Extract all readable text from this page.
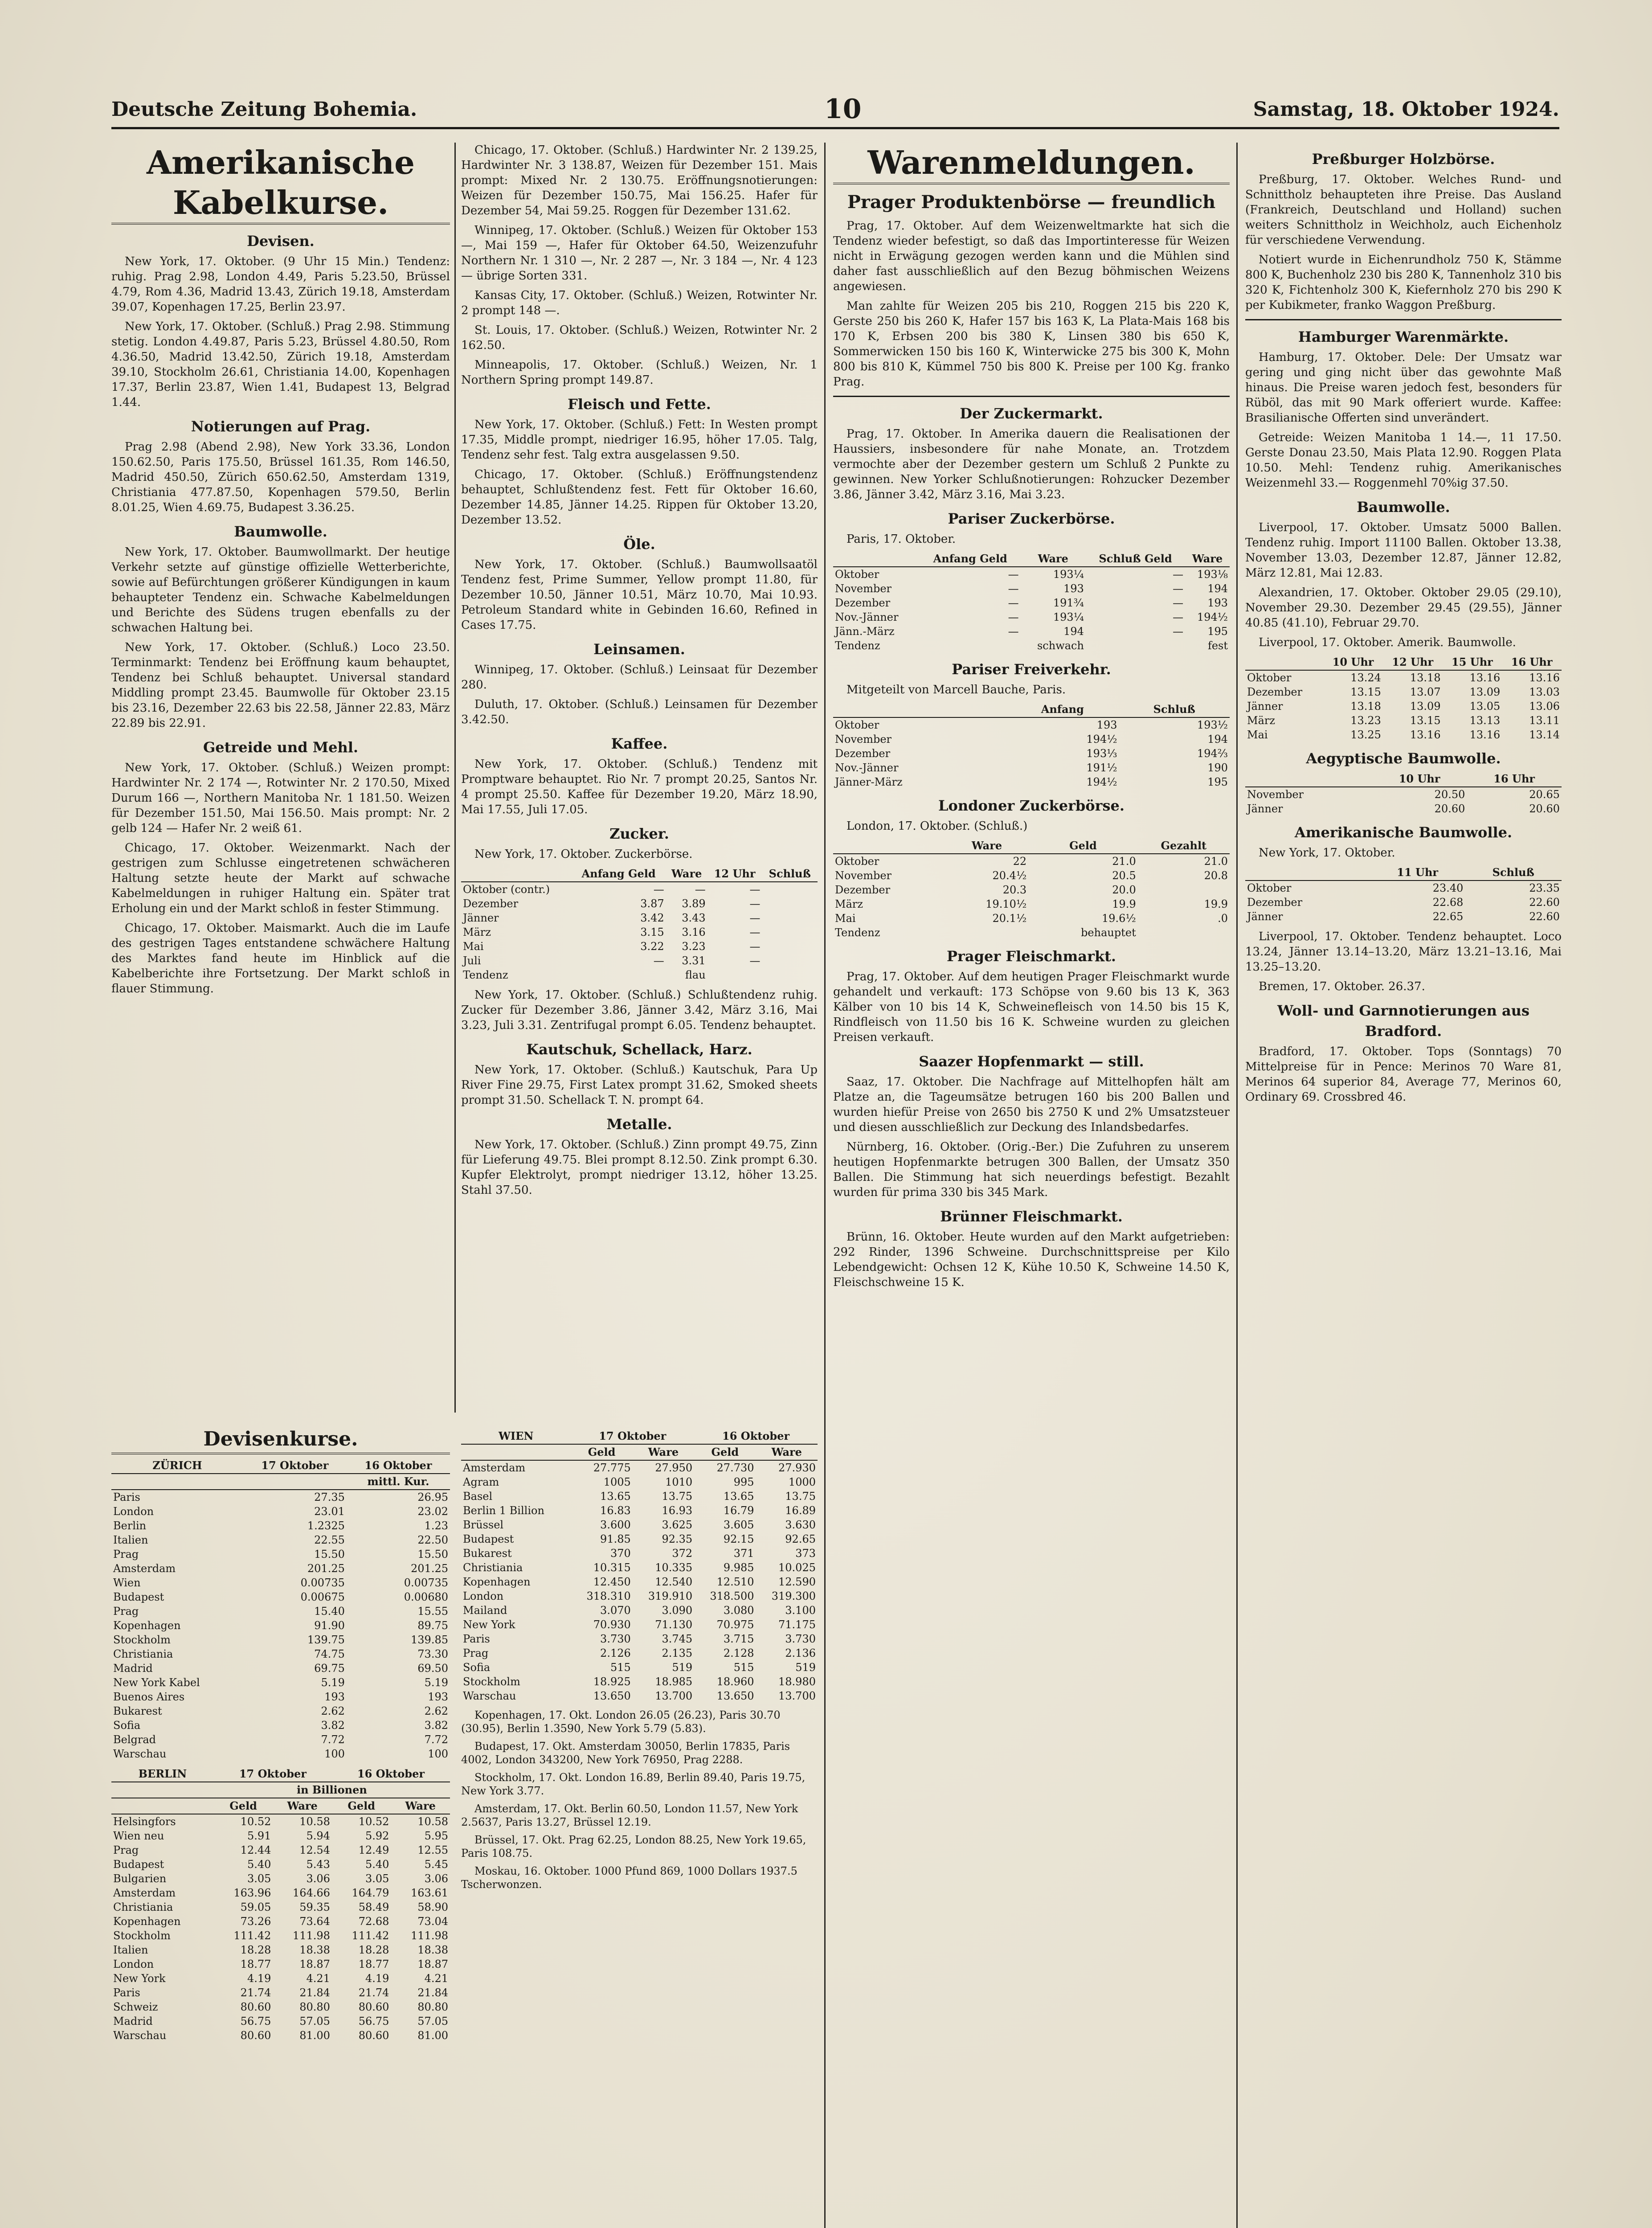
Deutsche Zeitung Bohemia.	10	Samstag, 18. Oktober 1924.
Amerikanische Kabelkurse.
Devisen.

New York, 17. Oktober. (9 Uhr 15 Min.) Tendenz: ruhig. Prag 2.98, London 4.49, Paris 5.23.50, Brüssel 4.79, Rom 4.36, Madrid 13.43, Zürich 19.18, Amsterdam 39.07, Kopenhagen 17.25, Berlin 23.97.

New York, 17. Oktober. (Schluß.) Prag 2.98. Stimmung stetig. London 4.49.87, Paris 5.23, Brüssel 4.80.50, Rom 4.36.50, Madrid 13.42.50, Zürich 19.18, Amsterdam 39.10, Stockholm 26.61, Christiania 14.00, Kopenhagen 17.37, Berlin 23.87, Wien 1.41, Budapest 13, Belgrad 1.44.

Notierungen auf Prag.

Prag 2.98 (Abend 2.98), New York 33.36, London 150.62.50, Paris 175.50, Brüssel 161.35, Rom 146.50, Madrid 450.50, Zürich 650.62.50, Amsterdam 1319, Christiania 477.87.50, Kopenhagen 579.50, Berlin 8.01.25, Wien 4.69.75, Budapest 3.36.25.

Baumwolle.

New York, 17. Oktober. Baumwollmarkt. Der heutige Verkehr setzte auf günstige offizielle Wetterberichte, sowie auf Befürchtungen größerer Kündigungen in kaum behaupteter Tendenz ein. Schwache Kabelmeldungen und Berichte des Südens trugen ebenfalls zu der schwachen Haltung bei.

New York, 17. Oktober. (Schluß.) Loco 23.50. Terminmarkt: Tendenz bei Eröffnung kaum behauptet, Tendenz bei Schluß behauptet. Universal standard Middling prompt 23.45. Baumwolle für Oktober 23.15 bis 23.16, Dezember 22.63 bis 22.58, Jänner 22.83, März 22.89 bis 22.91.

Getreide und Mehl.

New York, 17. Oktober. (Schluß.) Weizen prompt: Hardwinter Nr. 2 174 —, Rotwinter Nr. 2 170.50, Mixed Durum 166 —, Northern Manitoba Nr. 1 181.50. Weizen für Dezember 151.50, Mai 156.50. Mais prompt: Nr. 2 gelb 124 — Hafer Nr. 2 weiß 61.

Chicago, 17. Oktober. Weizenmarkt. Nach der gestrigen zum Schlusse eingetretenen schwächeren Haltung setzte heute der Markt auf schwache Kabelmeldungen in ruhiger Haltung ein. Später trat Erholung ein und der Markt schloß in fester Stimmung.

Chicago, 17. Oktober. Maismarkt. Auch die im Laufe des gestrigen Tages entstandene schwächere Haltung des Marktes fand heute im Hinblick auf die Kabelberichte ihre Fortsetzung. Der Markt schloß in flauer Stimmung.

Chicago, 17. Oktober. (Schluß.) Hardwinter Nr. 2 139.25, Hardwinter Nr. 3 138.87, Weizen für Dezember 151. Mais prompt: Mixed Nr. 2 130.75. Eröffnungsnotierungen: Weizen für Dezember 150.75, Mai 156.25. Hafer für Dezember 54, Mai 59.25. Roggen für Dezember 131.62.

Winnipeg, 17. Oktober. (Schluß.) Weizen für Oktober 153 —, Mai 159 —, Hafer für Oktober 64.50, Weizenzufuhr Northern Nr. 1 310 —, Nr. 2 287 —, Nr. 3 184 —, Nr. 4 123 — übrige Sorten 331.

Kansas City, 17. Oktober. (Schluß.) Weizen, Rotwinter Nr. 2 prompt 148 —.

St. Louis, 17. Oktober. (Schluß.) Weizen, Rotwinter Nr. 2 162.50.

Minneapolis, 17. Oktober. (Schluß.) Weizen, Nr. 1 Northern Spring prompt 149.87.

Fleisch und Fette.

New York, 17. Oktober. (Schluß.) Fett: In Westen prompt 17.35, Middle prompt, niedriger 16.95, höher 17.05. Talg, Tendenz sehr fest. Talg extra ausgelassen 9.50.

Chicago, 17. Oktober. (Schluß.) Eröffnungstendenz behauptet, Schlußtendenz fest. Fett für Oktober 16.60, Dezember 14.85, Jänner 14.25. Rippen für Oktober 13.20, Dezember 13.52.

Öle.

New York, 17. Oktober. (Schluß.) Baumwollsaatöl Tendenz fest, Prime Summer, Yellow prompt 11.80, für Dezember 10.50, Jänner 10.51, März 10.70, Mai 10.93. Petroleum Standard white in Gebinden 16.60, Refined in Cases 17.75.

Leinsamen.

Winnipeg, 17. Oktober. (Schluß.) Leinsaat für Dezember 280.

Duluth, 17. Oktober. (Schluß.) Leinsamen für Dezember 3.42.50.

Kaffee.

New York, 17. Oktober. (Schluß.) Tendenz mit Promptware behauptet. Rio Nr. 7 prompt 20.25, Santos Nr. 4 prompt 25.50. Kaffee für Dezember 19.20, März 18.90, Mai 17.55, Juli 17.05.

Zucker.

New York, 17. Oktober. Zuckerbörse.

	Anfang Geld	Ware	12 Uhr	Schluß
Oktober (contr.)	—	—	—	
Dezember	3.87	3.89	—	
Jänner	3.42	3.43	—	
März	3.15	3.16	—	
Mai	3.22	3.23	—	
Juli	—	3.31	—	
Tendenz		flau		

New York, 17. Oktober. (Schluß.) Schlußtendenz ruhig. Zucker für Dezember 3.86, Jänner 3.42, März 3.16, Mai 3.23, Juli 3.31. Zentrifugal prompt 6.05. Tendenz behauptet.

Kautschuk, Schellack, Harz.

New York, 17. Oktober. (Schluß.) Kautschuk, Para Up River Fine 29.75, First Latex prompt 31.62, Smoked sheets prompt 31.50. Schellack T. N. prompt 64.

Metalle.

New York, 17. Oktober. (Schluß.) Zinn prompt 49.75, Zinn für Lieferung 49.75. Blei prompt 8.12.50. Zink prompt 6.30. Kupfer Elektrolyt, prompt niedriger 13.12, höher 13.25. Stahl 37.50.

Warenmeldungen.
Prager Produktenbörse — freundlich

Prag, 17. Oktober. Auf dem Weizenweltmarkte hat sich die Tendenz wieder befestigt, so daß das Importinteresse für Weizen nicht in Erwägung gezogen werden kann und die Mühlen sind daher fast ausschließlich auf den Bezug böhmischen Weizens angewiesen.

Man zahlte für Weizen 205 bis 210, Roggen 215 bis 220 K, Gerste 250 bis 260 K, Hafer 157 bis 163 K, La Plata-Mais 168 bis 170 K, Erbsen 200 bis 380 K, Linsen 380 bis 650 K, Sommerwicken 150 bis 160 K, Winterwicke 275 bis 300 K, Mohn 800 bis 810 K, Kümmel 750 bis 800 K. Preise per 100 Kg. franko Prag.

Der Zuckermarkt.

Prag, 17. Oktober. In Amerika dauern die Realisationen der Haussiers, insbesondere für nahe Monate, an. Trotzdem vermochte aber der Dezember gestern um Schluß 2 Punkte zu gewinnen. New Yorker Schlußnotierungen: Rohzucker Dezember 3.86, Jänner 3.42, März 3.16, Mai 3.23.

Pariser Zuckerbörse.

Paris, 17. Oktober.

	Anfang Geld	Ware	Schluß Geld	Ware
Oktober	—	193¼	—	193⅛
November	—	193	—	194
Dezember	—	191¾	—	193
Nov.-Jänner	—	193¼	—	194½
Jänn.-März	—	194	—	195
Tendenz		schwach		fest
Pariser Freiverkehr.

Mitgeteilt von Marcell Bauche, Paris.

	Anfang	Schluß
Oktober	193	193½
November	194½	194
Dezember	193⅓	194⅔
Nov.-Jänner	191½	190
Jänner-März	194½	195
Londoner Zuckerbörse.

London, 17. Oktober. (Schluß.)

	Ware	Geld	Gezahlt
Oktober	22	21.0	21.0
November	20.4½	20.5	20.8
Dezember	20.3	20.0	
März	19.10½	19.9	19.9
Mai	20.1½	19.6½	.0
Tendenz		behauptet	
Prager Fleischmarkt.

Prag, 17. Oktober. Auf dem heutigen Prager Fleischmarkt wurde gehandelt und verkauft: 173 Schöpse von 9.60 bis 13 K, 363 Kälber von 10 bis 14 K, Schweinefleisch von 14.50 bis 15 K, Rindfleisch von 11.50 bis 16 K. Schweine wurden zu gleichen Preisen verkauft.

Saazer Hopfenmarkt — still.

Saaz, 17. Oktober. Die Nachfrage auf Mittelhopfen hält am Platze an, die Tageumsätze betrugen 160 bis 200 Ballen und wurden hiefür Preise von 2650 bis 2750 K und 2% Umsatzsteuer und diesen ausschließlich zur Deckung des Inlandsbedarfes.

Nürnberg, 16. Oktober. (Orig.-Ber.) Die Zufuhren zu unserem heutigen Hopfenmarkte betrugen 300 Ballen, der Umsatz 350 Ballen. Die Stimmung hat sich neuerdings befestigt. Bezahlt wurden für prima 330 bis 345 Mark.

Brünner Fleischmarkt.

Brünn, 16. Oktober. Heute wurden auf den Markt aufgetrieben: 292 Rinder, 1396 Schweine. Durchschnittspreise per Kilo Lebendgewicht: Ochsen 12 K, Kühe 10.50 K, Schweine 14.50 K, Fleischschweine 15 K.

Preßburger Holzbörse.

Preßburg, 17. Oktober. Welches Rund- und Schnittholz behaupteten ihre Preise. Das Ausland (Frankreich, Deutschland und Holland) suchen weiters Schnittholz in Weichholz, auch Eichenholz für verschiedene Verwendung.

Notiert wurde in Eichenrundholz 750 K, Stämme 800 K, Buchenholz 230 bis 280 K, Tannenholz 310 bis 320 K, Fichtenholz 300 K, Kiefernholz 270 bis 290 K per Kubikmeter, franko Waggon Preßburg.

Hamburger Warenmärkte.

Hamburg, 17. Oktober. Dele: Der Umsatz war gering und ging nicht über das gewohnte Maß hinaus. Die Preise waren jedoch fest, besonders für Rüböl, das mit 90 Mark offeriert wurde. Kaffee: Brasilianische Offerten sind unverändert.

Getreide: Weizen Manitoba 1 14.—, 11 17.50. Gerste Donau 23.50, Mais Plata 12.90. Roggen Plata 10.50. Mehl: Tendenz ruhig. Amerikanisches Weizenmehl 33.— Roggenmehl 70%ig 37.50.

Baumwolle.

Liverpool, 17. Oktober. Umsatz 5000 Ballen. Tendenz ruhig. Import 11100 Ballen. Oktober 13.38, November 13.03, Dezember 12.87, Jänner 12.82, März 12.81, Mai 12.83.

Alexandrien, 17. Oktober. Oktober 29.05 (29.10), November 29.30. Dezember 29.45 (29.55), Jänner 40.85 (41.10), Februar 29.70.

Liverpool, 17. Oktober. Amerik. Baumwolle.

	10 Uhr	12 Uhr	15 Uhr	16 Uhr
Oktober	13.24	13.18	13.16	13.16
Dezember	13.15	13.07	13.09	13.03
Jänner	13.18	13.09	13.05	13.06
März	13.23	13.15	13.13	13.11
Mai	13.25	13.16	13.16	13.14
Aegyptische Baumwolle.
	10 Uhr	16 Uhr
November	20.50	20.65
Jänner	20.60	20.60
Amerikanische Baumwolle.

New York, 17. Oktober.

	11 Uhr	Schluß
Oktober	23.40	23.35
Dezember	22.68	22.60
Jänner	22.65	22.60

Liverpool, 17. Oktober. Tendenz behauptet. Loco 13.24, Jänner 13.14–13.20, März 13.21–13.16, Mai 13.25–13.20.

Bremen, 17. Oktober. 26.37.

Woll- und Garnnotierungen aus Bradford.

Bradford, 17. Oktober. Tops (Sonntags) 70 Mittelpreise für in Pence: Merinos 70 Ware 81, Merinos 64 superior 84, Average 77, Merinos 60, Ordinary 69. Crossbred 46.

Devisenkurse.
ZÜRICH	17 Oktober	16 Oktober
		mittl. Kur.
Paris	27.35	26.95
London	23.01	23.02
Berlin	1.2325	1.23
Italien	22.55	22.50
Prag	15.50	15.50
Amsterdam	201.25	201.25
Wien	0.00735	0.00735
Budapest	0.00675	0.00680
Prag	15.40	15.55
Kopenhagen	91.90	89.75
Stockholm	139.75	139.85
Christiania	74.75	73.30
Madrid	69.75	69.50
New York Kabel	5.19	5.19
Buenos Aires	193	193
Bukarest	2.62	2.62
Sofia	3.82	3.82
Belgrad	7.72	7.72
Warschau	100	100
BERLIN	17 Oktober		16 Oktober	
	in Billionen			
	Geld	Ware	Geld	Ware
Helsingfors	10.52	10.58	10.52	10.58
Wien neu	5.91	5.94	5.92	5.95
Prag	12.44	12.54	12.49	12.55
Budapest	5.40	5.43	5.40	5.45
Bulgarien	3.05	3.06	3.05	3.06
Amsterdam	163.96	164.66	164.79	163.61
Christiania	59.05	59.35	58.49	58.90
Kopenhagen	73.26	73.64	72.68	73.04
Stockholm	111.42	111.98	111.42	111.98
Italien	18.28	18.38	18.28	18.38
London	18.77	18.87	18.77	18.87
New York	4.19	4.21	4.19	4.21
Paris	21.74	21.84	21.74	21.84
Schweiz	80.60	80.80	80.60	80.80
Madrid	56.75	57.05	56.75	57.05
Warschau	80.60	81.00	80.60	81.00
WIEN	17 Oktober		16 Oktober	
	Geld	Ware	Geld	Ware
Amsterdam	27.775	27.950	27.730	27.930
Agram	1005	1010	995	1000
Basel	13.65	13.75	13.65	13.75
Berlin 1 Billion	16.83	16.93	16.79	16.89
Brüssel	3.600	3.625	3.605	3.630
Budapest	91.85	92.35	92.15	92.65
Bukarest	370	372	371	373
Christiania	10.315	10.335	9.985	10.025
Kopenhagen	12.450	12.540	12.510	12.590
London	318.310	319.910	318.500	319.300
Mailand	3.070	3.090	3.080	3.100
New York	70.930	71.130	70.975	71.175
Paris	3.730	3.745	3.715	3.730
Prag	2.126	2.135	2.128	2.136
Sofia	515	519	515	519
Stockholm	18.925	18.985	18.960	18.980
Warschau	13.650	13.700	13.650	13.700

Kopenhagen, 17. Okt. London 26.05 (26.23), Paris 30.70 (30.95), Berlin 1.3590, New York 5.79 (5.83).

Budapest, 17. Okt. Amsterdam 30050, Berlin 17835, Paris 4002, London 343200, New York 76950, Prag 2288.

Stockholm, 17. Okt. London 16.89, Berlin 89.40, Paris 19.75, New York 3.77.

Amsterdam, 17. Okt. Berlin 60.50, London 11.57, New York 2.5637, Paris 13.27, Brüssel 12.19.

Brüssel, 17. Okt. Prag 62.25, London 88.25, New York 19.65, Paris 108.75.

Moskau, 16. Oktober. 1000 Pfund 869, 1000 Dollars 1937.5 Tscherwonzen.
